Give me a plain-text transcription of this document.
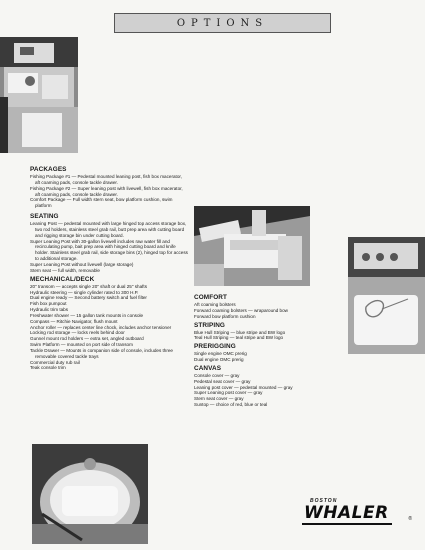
OPTIONS
PACKAGES

Fishing Package #1 — Pedestal mounted leaning post, fish box macerator, aft coaming pads, console tackle drawer.

Fishing Package #2 — Super leaning post with livewell, fish box macerator, aft coaming pads, console tackle drawer.

Comfort Package — Full width stern seat, bow platform cushion, swim platform

SEATING

Leaning Post — pedestal mounted with large hinged top access storage box, two rod holders, stainless steel grab rail, butt prep area with cutting board and rigging storage bin under cutting board.

Super Leaning Post with 30-gallon livewell includes raw water fill and recirculating pump, bait prep area with hinged cutting board and knife holder. Stainless steel grab rail, side storage bins (2), hinged top for access to additional storage.

Super Leaning Post without livewell (large storage)

Stern seat — full width, removable

MECHANICAL/DECK

20" transom — accepts single 20" shaft or dual 25" shafts

Hydraulic steering — single cylinder rated to 300 H.P.

Dual engine ready — Second battery switch and fuel filter

Fish box pumpout

Hydraulic trim tabs

Freshwater shower — 15 gallon tank mounts in console

Compass — Ritchie Navigator, flush mount

Anchor roller — replaces center line chock, includes anchor tensioner

Locking rod storage — locks reels behind door

Gunnel mount rod holders — extra set, angled outboard

Swim Platform — mounted on port side of transom

Tackle Drawer — Mounts in companion side of console, includes three removable covered tackle trays

Commercial duty rub rail

Teak console trim

COMFORT

Aft coaming bolsters

Forward coaming bolsters — wraparound bow

Forward bow platform cushion

STRIPING

Blue Hull Striping — blue stripe and BW logo

Teal Hull Striping — teal stripe and BW logo

PRERIGGING

Single engine OMC prerig

Dual engine OMC prerig

CANVAS

Console cover — gray

Pedestal seat cover — gray

Leaning post cover — pedestal mounted — gray

Super Leaning post cover — gray

Stern seat cover — gray

Suntop — choice of red, blue or teal

BOSTON
WHALER	®
